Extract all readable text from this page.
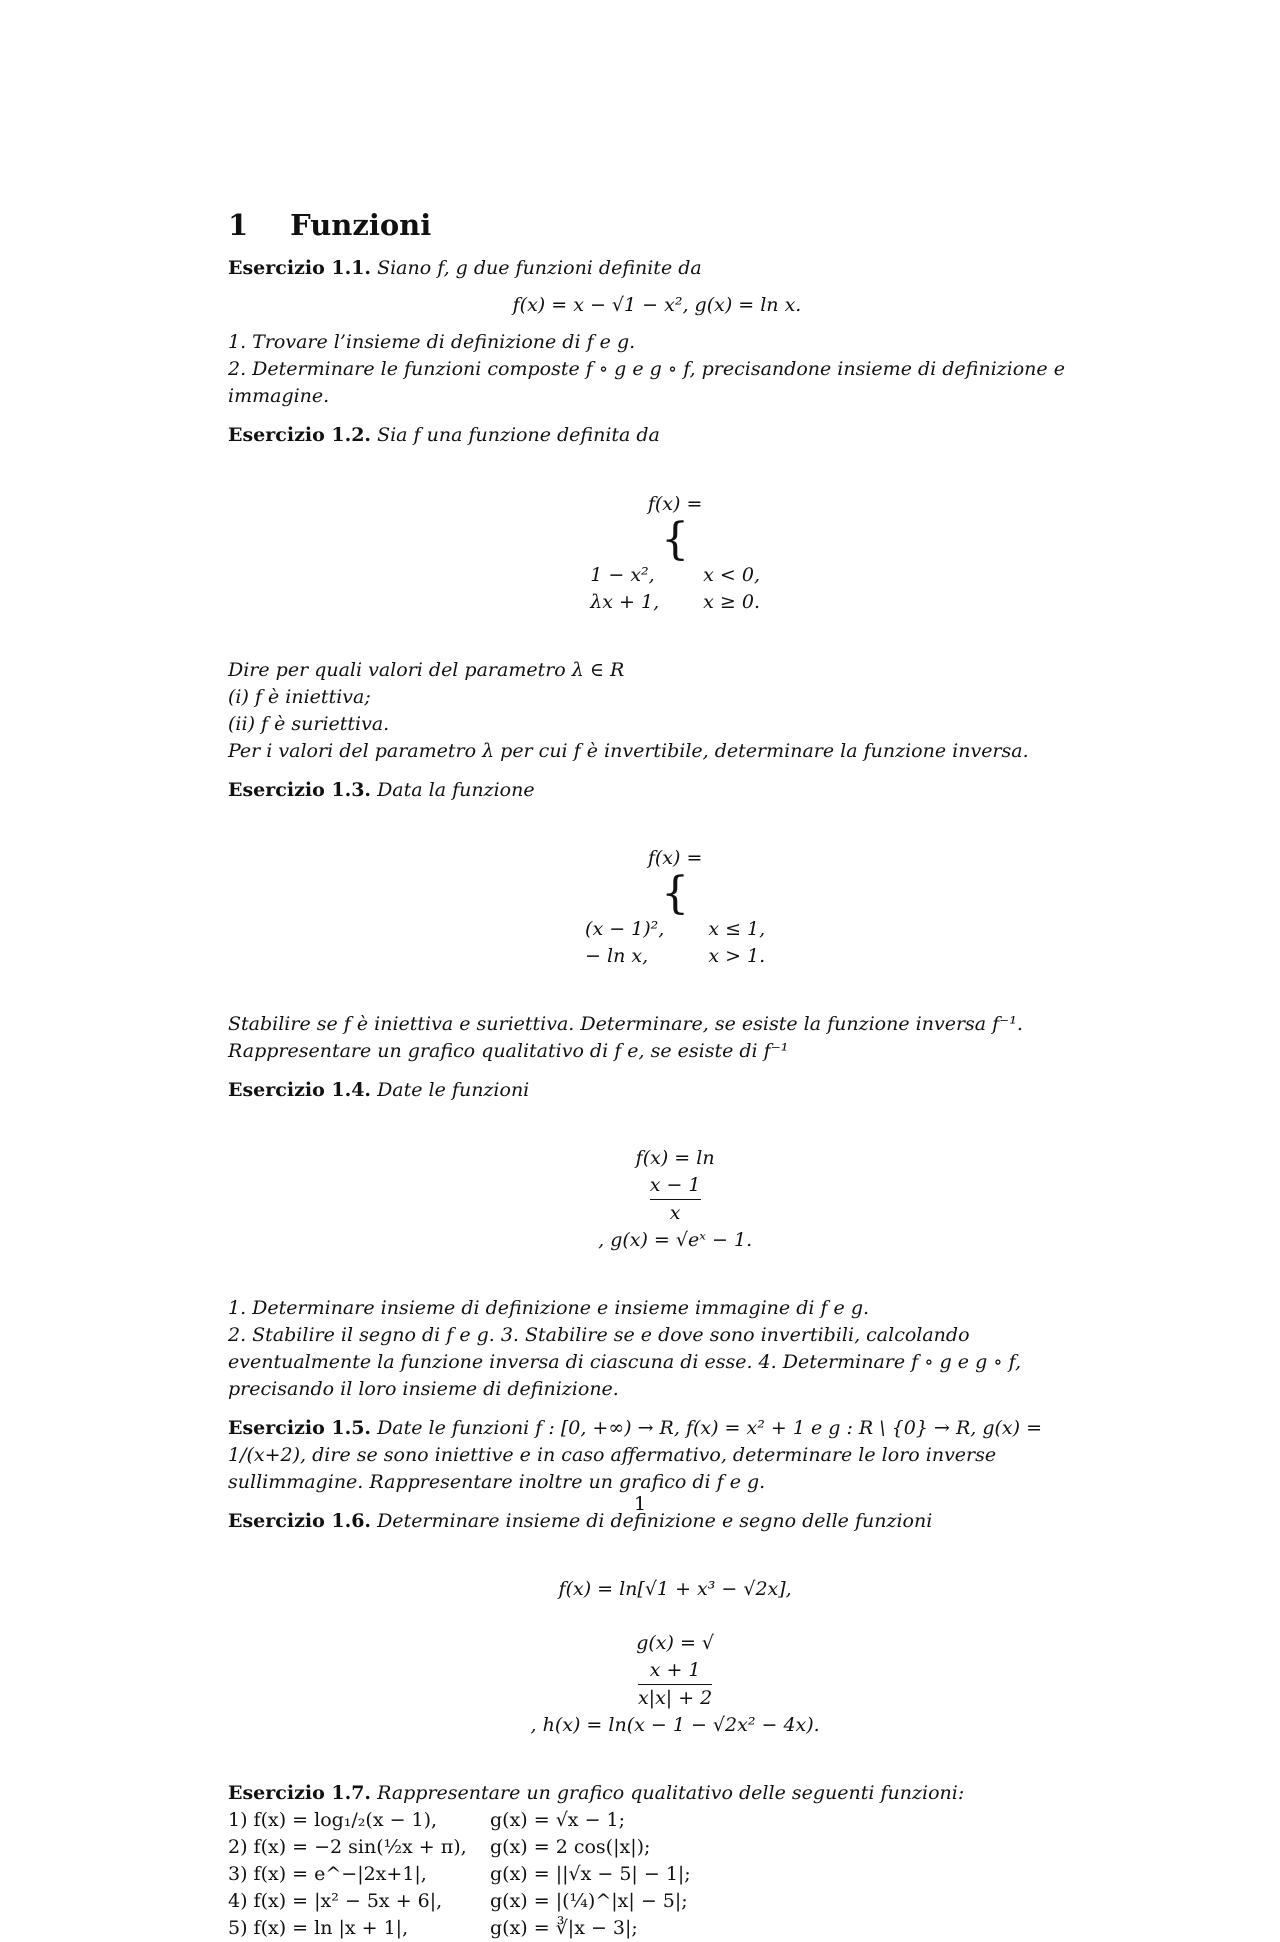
1 Funzioni
Esercizio 1.1. Siano f, g due funzioni definite da
f(x) = x − √1 − x², g(x) = ln x.
1. Trovare l’insieme di definizione di f e g.
2. Determinare le funzioni composte f ∘ g e g ∘ f, precisandone insieme di definizione e immagine.
Esercizio 1.2. Sia f una funzione definita da

f(x) =
{

1 − x²,	x < 0,
λx + 1, x ≥ 0.

Dire per quali valori del parametro λ ∈ R
(i) f è iniettiva;
(ii) f è suriettiva.
Per i valori del parametro λ per cui f è invertibile, determinare la funzione inversa.
Esercizio 1.3. Data la funzione

f(x) =
{

(x − 1)², x ≤ 1,
− ln x,	x > 1.

Stabilire se f è iniettiva e suriettiva. Determinare, se esiste la funzione inversa f⁻¹. Rappresentare un grafico qualitativo di f e, se esiste di f⁻¹
Esercizio 1.4. Date le funzioni

f(x) = ln

$\frac{x - 1}{x}$

, g(x) = √eˣ − 1.

1. Determinare insieme di definizione e insieme immagine di f e g.
2. Stabilire il segno di f e g. 3. Stabilire se e dove sono invertibili, calcolando eventualmente la funzione inversa di ciascuna di esse. 4. Determinare f ∘ g e g ∘ f, precisando il loro insieme di definizione.
Esercizio 1.5. Date le funzioni f : [0, +∞) → R, f(x) = x² + 1 e g : R \ {0} → R, g(x) = 1/(x+2), dire se sono iniettive e in caso affermativo, determinare le loro inverse sullimmagine. Rappresentare inoltre un grafico di f e g.
Esercizio 1.6. Determinare insieme di definizione e segno delle funzioni

f(x) = ln[√1 + x³ − √2x],

g(x) = √

$\frac{x + 1}{x|x| + 2}$

, h(x) = ln(x − 1 − √2x² − 4x).

Esercizio 1.7. Rappresentare un grafico qualitativo delle seguenti funzioni:
1) f(x) = log₁/₂(x − 1),	g(x) = √x − 1;
2) f(x) = −2 sin(½x + π),	g(x) = 2 cos(|x|);
3) f(x) = e^−|2x+1|,	g(x) = ||√x − 5| − 1|;
4) f(x) = |x² − 5x + 6|,	g(x) = |(¼)^|x| − 5|;
5) f(x) = ln |x + 1|,	g(x) = ∛|x − 3|;
1
